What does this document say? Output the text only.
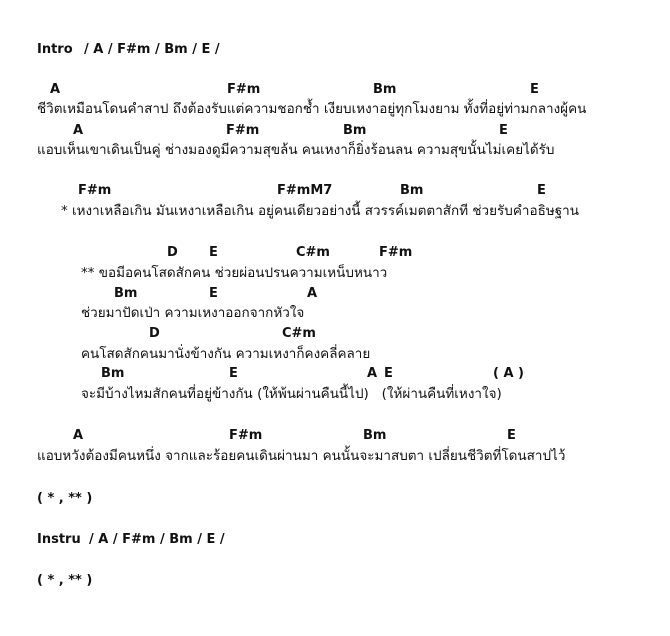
Intro / A / F#m / Bm / E /
A	F#m	Bm	E
ชีวิตเหมือนโดนคำสาป ถึงต้องรับแต่ความชอกช้ำ เงียบเหงาอยู่ทุกโมงยาม ทั้งที่อยู่ท่ามกลางผู้คน
A	F#m	Bm	E
แอบเห็นเขาเดินเป็นคู่ ช่างมองดูมีความสุขล้น คนเหงาก็ยิ่งร้อนลน ความสุขนั้นไม่เคยได้รับ
F#m	F#mM7	Bm	E
* เหงาเหลือเกิน มันเหงาเหลือเกิน อยู่คนเดียวอย่างนี้ สวรรค์เมตตาสักที ช่วยรับคำอธิษฐาน
D E	C#m	F#m
** ขอมีอคนโสดสักคน ช่วยผ่อนปรนความเหน็บหนาว
Bm	E	A
ช่วยมาปัดเป่า ความเหงาออกจากหัวใจ
D	C#m
คนโสดสักคนมานั่งข้างกัน ความเหงาก็คงคลี่คลาย
Bm	E	A E	( A )
จะมีบ้างไหมสักคนที่อยู่ข้างกัน (ให้พ้นผ่านคืนนี้ไป)   (ให้ผ่านคืนที่เหงาใจ)
A	F#m	Bm	E
แอบหวังต้องมีคนหนึ่ง จากและร้อยคนเดินผ่านมา คนนั้นจะมาสบตา เปลี่ยนชีวิตที่โดนสาปไว้
( * , ** )
Instru / A / F#m / Bm / E /
( * , ** )
